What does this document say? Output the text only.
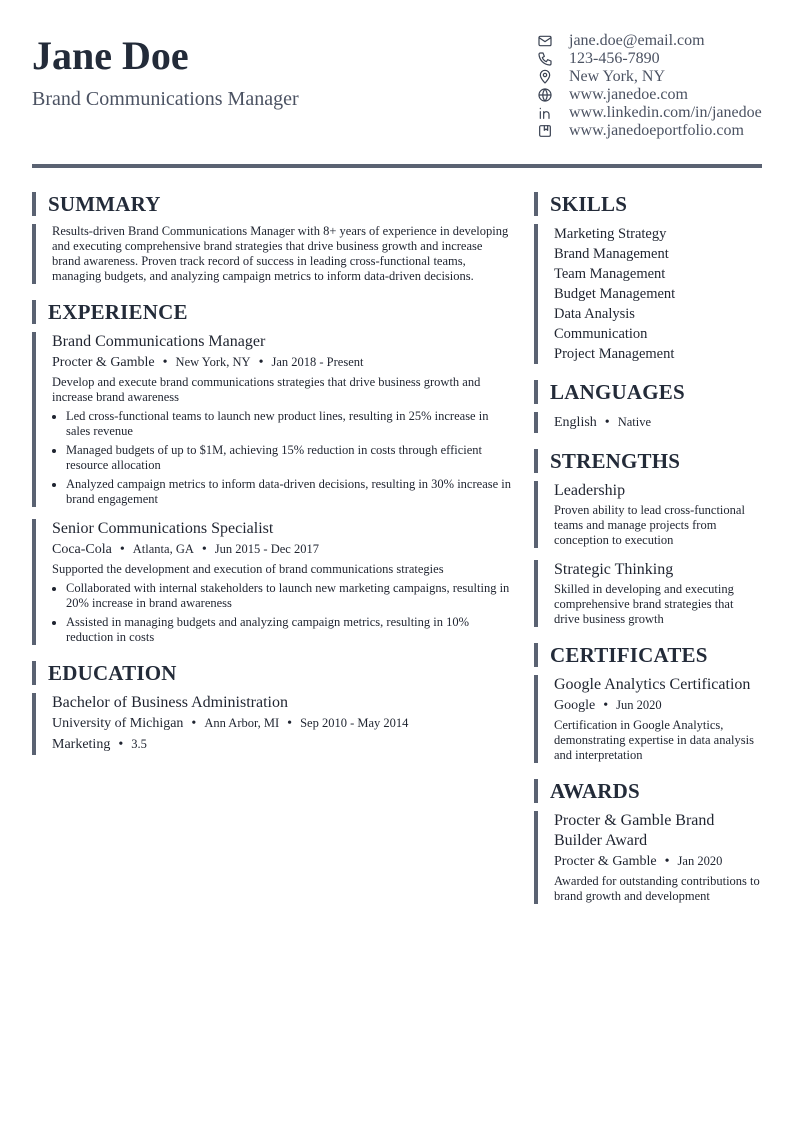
Jane Doe
Brand Communications Manager
jane.doe@email.com
123-456-7890
New York, NY
www.janedoe.com
www.linkedin.com/in/janedoe
www.janedoeportfolio.com
SUMMARY
Results-driven Brand Communications Manager with 8+ years of experience in developing and executing comprehensive brand strategies that drive business growth and increase brand awareness. Proven track record of success in leading cross-functional teams, managing budgets, and analyzing campaign metrics to inform data-driven decisions.
EXPERIENCE
Brand Communications Manager
Procter & Gamble • New York, NY • Jan 2018 - Present
Develop and execute brand communications strategies that drive business growth and increase brand awareness
• Led cross-functional teams to launch new product lines, resulting in 25% increase in sales revenue
• Managed budgets of up to $1M, achieving 15% reduction in costs through efficient resource allocation
• Analyzed campaign metrics to inform data-driven decisions, resulting in 30% increase in brand engagement
Senior Communications Specialist
Coca-Cola • Atlanta, GA • Jun 2015 - Dec 2017
Supported the development and execution of brand communications strategies
• Collaborated with internal stakeholders to launch new marketing campaigns, resulting in 20% increase in brand awareness
• Assisted in managing budgets and analyzing campaign metrics, resulting in 10% reduction in costs
EDUCATION
Bachelor of Business Administration
University of Michigan • Ann Arbor, MI • Sep 2010 - May 2014
Marketing • 3.5
SKILLS
Marketing Strategy
Brand Management
Team Management
Budget Management
Data Analysis
Communication
Project Management
LANGUAGES
English • Native
STRENGTHS
Leadership
Proven ability to lead cross-functional teams and manage projects from conception to execution
Strategic Thinking
Skilled in developing and executing comprehensive brand strategies that drive business growth
CERTIFICATES
Google Analytics Certification
Google • Jun 2020
Certification in Google Analytics, demonstrating expertise in data analysis and interpretation
AWARDS
Procter & Gamble Brand Builder Award
Procter & Gamble • Jan 2020
Awarded for outstanding contributions to brand growth and development
